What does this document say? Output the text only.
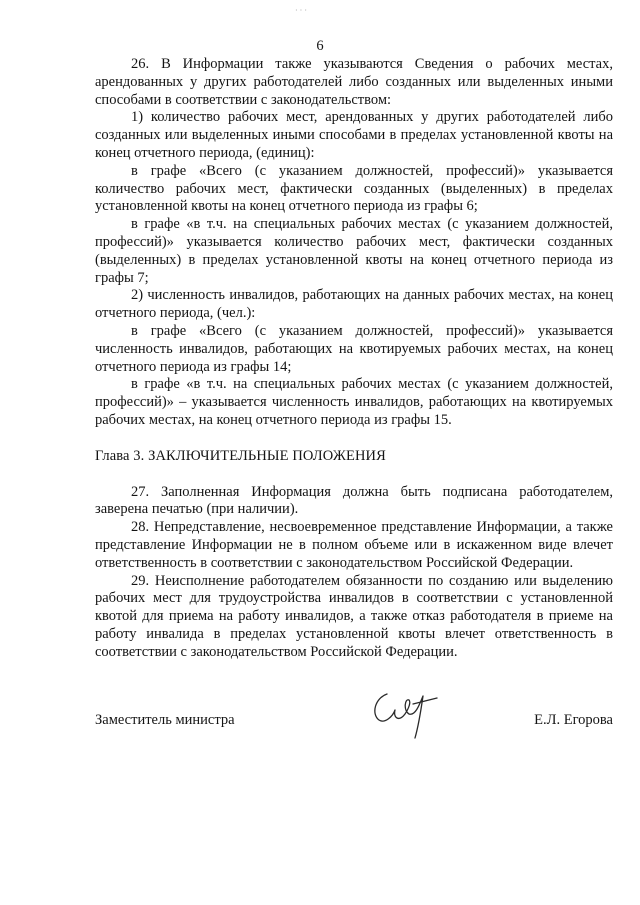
· · ·
6

26. В Информации также указываются Сведения о рабочих местах, арендованных у других работодателей либо созданных или выделенных иными способами в соответствии с законодательством:

1) количество рабочих мест, арендованных у других работодателей либо созданных или выделенных иными способами в пределах установленной квоты на конец отчетного периода, (единиц):

в графе «Всего (с указанием должностей, профессий)» указывается количество рабочих мест, фактически созданных (выделенных) в пределах установленной квоты на конец отчетного периода из графы 6;

в графе «в т.ч. на специальных рабочих местах (с указанием должностей, профессий)» указывается количество рабочих мест, фактически созданных (выделенных) в пределах установленной квоты на конец отчетного периода из графы 7;

2) численность инвалидов, работающих на данных рабочих местах, на конец отчетного периода, (чел.):

в графе «Всего (с указанием должностей, профессий)» указывается численность инвалидов, работающих на квотируемых рабочих местах, на конец отчетного периода из графы 14;

в графе «в т.ч. на специальных рабочих местах (с указанием должностей, профессий)» – указывается численность инвалидов, работающих на квотируемых рабочих местах, на конец отчетного периода из графы 15.

Глава 3. ЗАКЛЮЧИТЕЛЬНЫЕ ПОЛОЖЕНИЯ

27. Заполненная Информация должна быть подписана работодателем, заверена печатью (при наличии).

28. Непредставление, несвоевременное представление Информации, а также представление Информации не в полном объеме или в искаженном виде влечет ответственность в соответствии с законодательством Российской Федерации.

29. Неисполнение работодателем обязанности по созданию или выделению рабочих мест для трудоустройства инвалидов в соответствии с установленной квотой для приема на работу инвалидов, а также отказ работодателя в приеме на работу инвалида в пределах установленной квоты влечет ответственность в соответствии с законодательством Российской Федерации.

Заместитель министра	Е.Л. Егорова
